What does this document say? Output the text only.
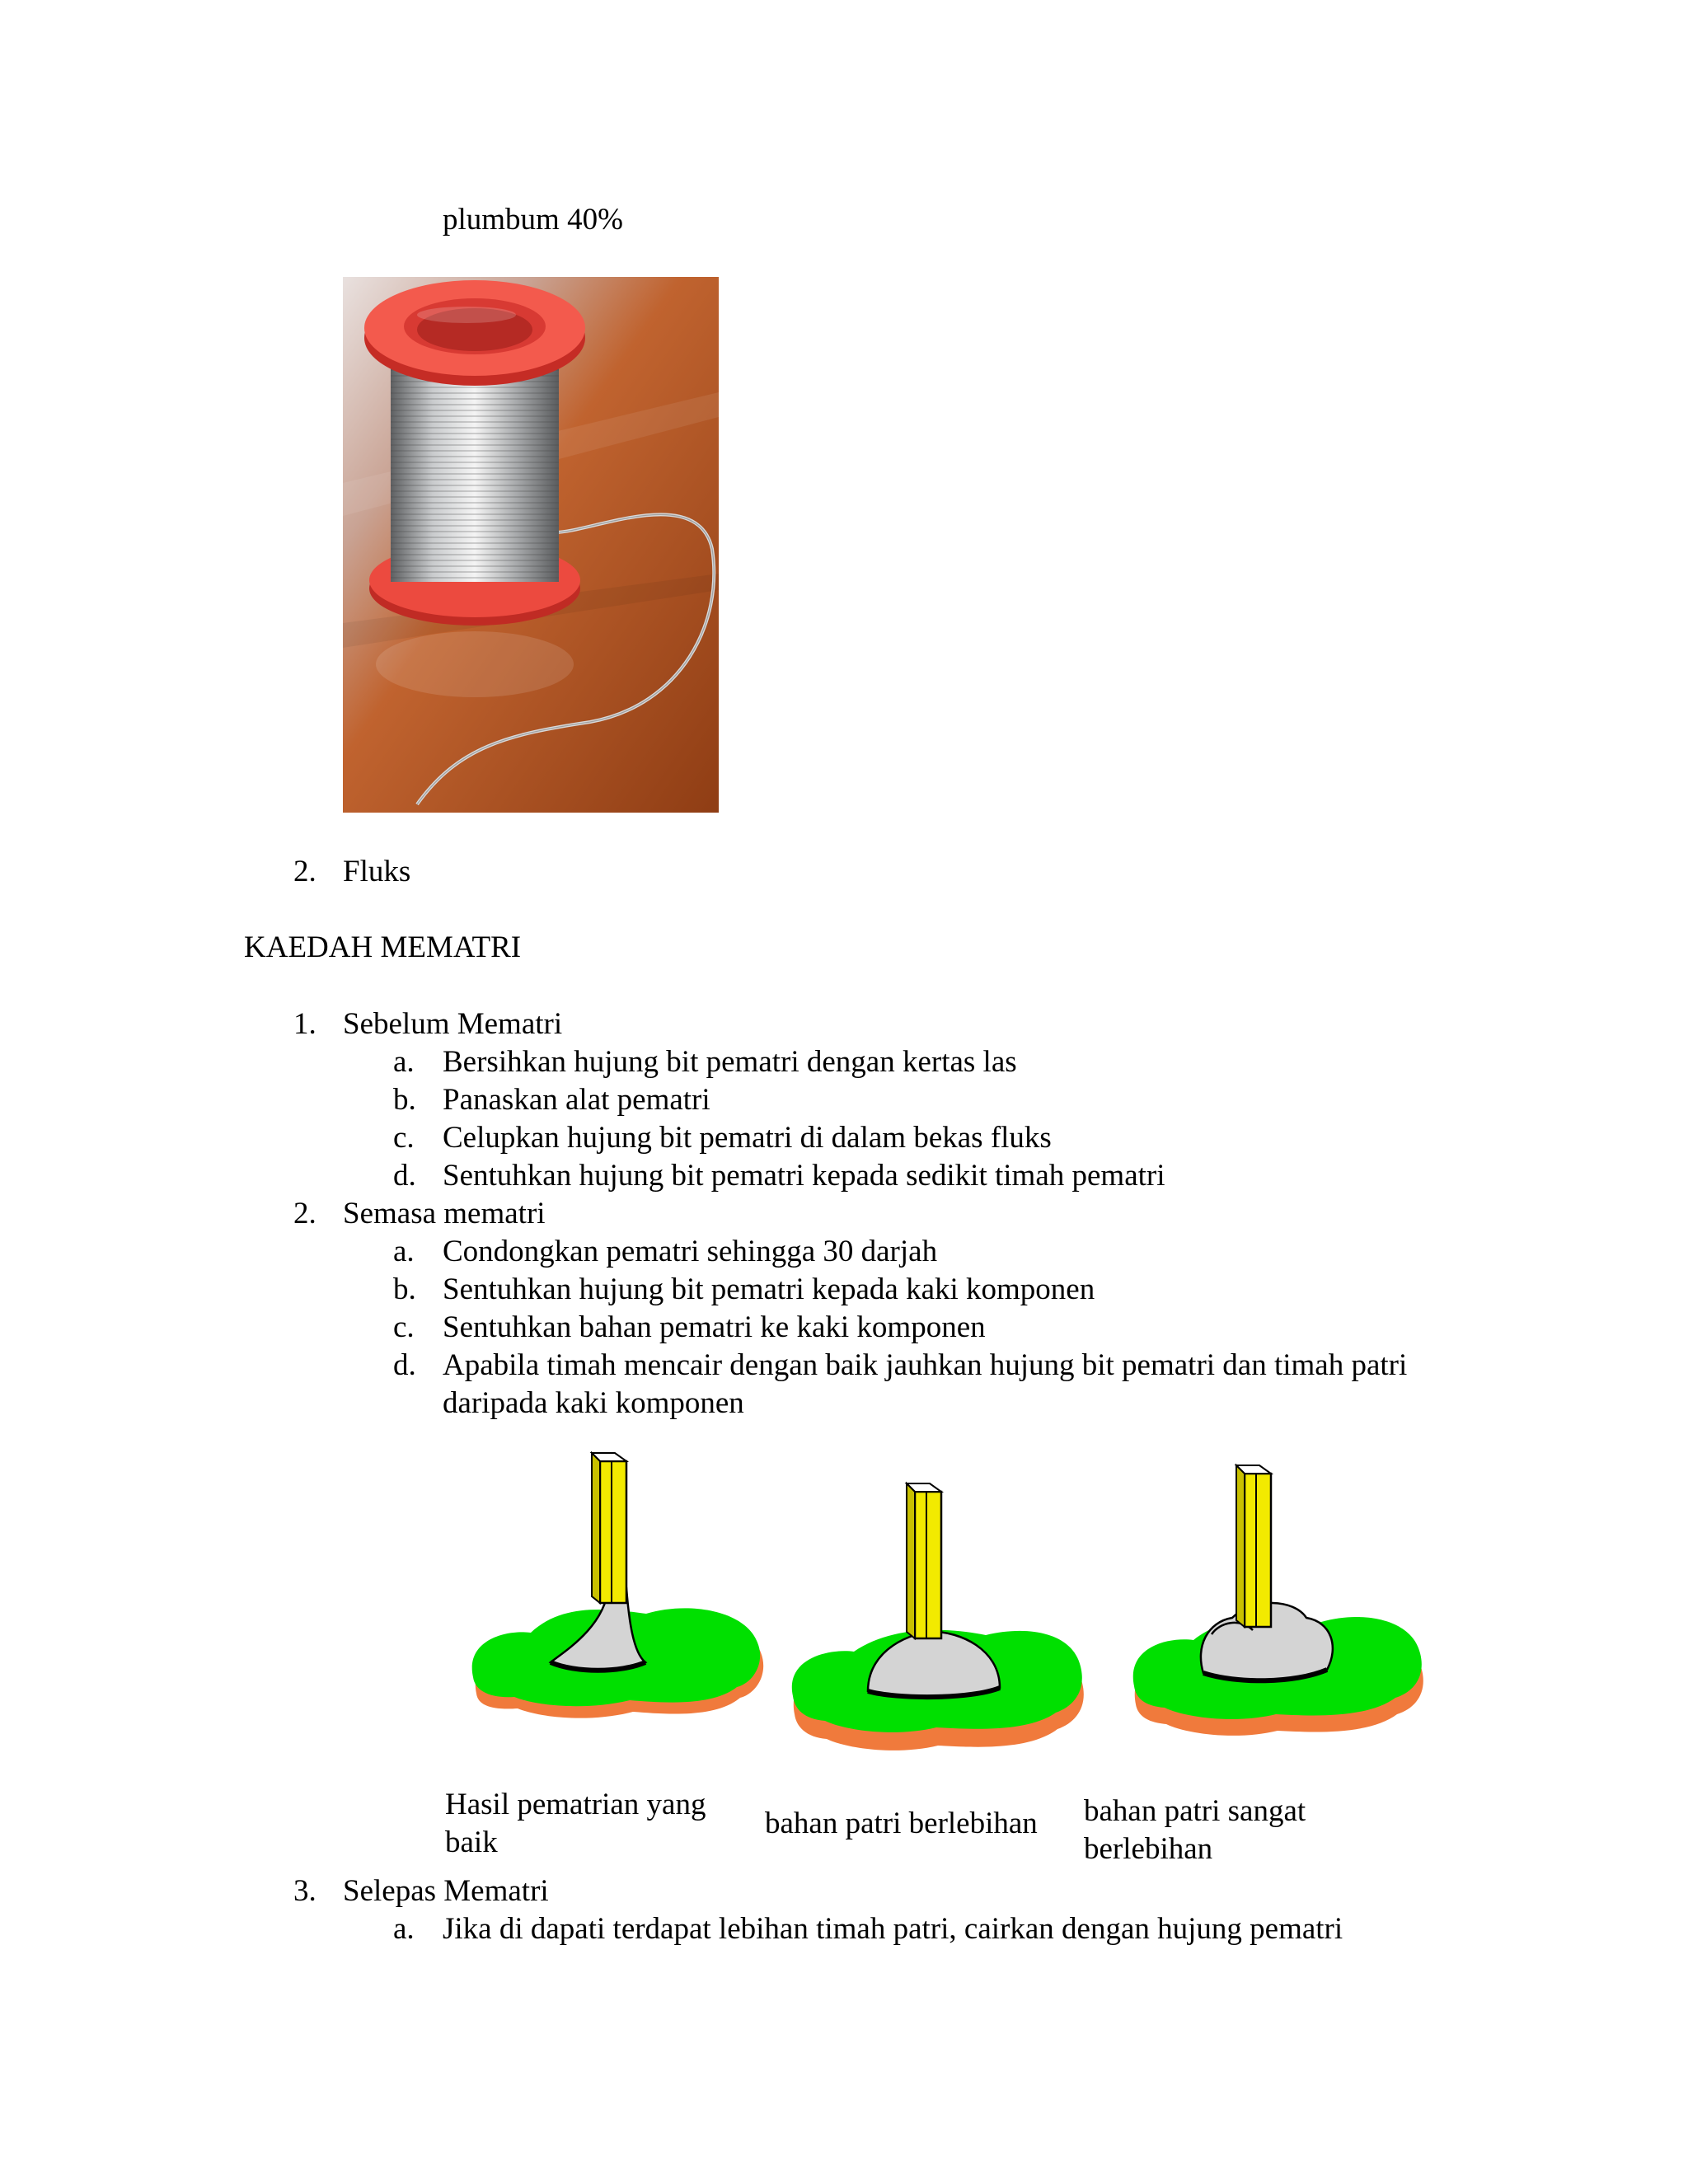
plumbum 40%
2. Fluks
KAEDAH MEMATRI
1. Sebelum Mematri
a. Bersihkan hujung bit pematri dengan kertas las
b. Panaskan alat pematri
c. Celupkan hujung bit pematri di dalam bekas fluks
d. Sentuhkan hujung bit pematri kepada sedikit timah pematri
2. Semasa mematri
a. Condongkan pematri sehingga 30 darjah
b. Sentuhkan hujung bit pematri kepada kaki komponen
c. Sentuhkan bahan pematri ke kaki komponen
d. Apabila timah mencair dengan baik jauhkan hujung bit pematri dan timah patri daripada kaki komponen
Hasil pematrian yang baik
bahan patri berlebihan	bahan patri sangat berlebihan
3. Selepas Mematri
a. Jika di dapati terdapat lebihan timah patri, cairkan dengan hujung pematri
